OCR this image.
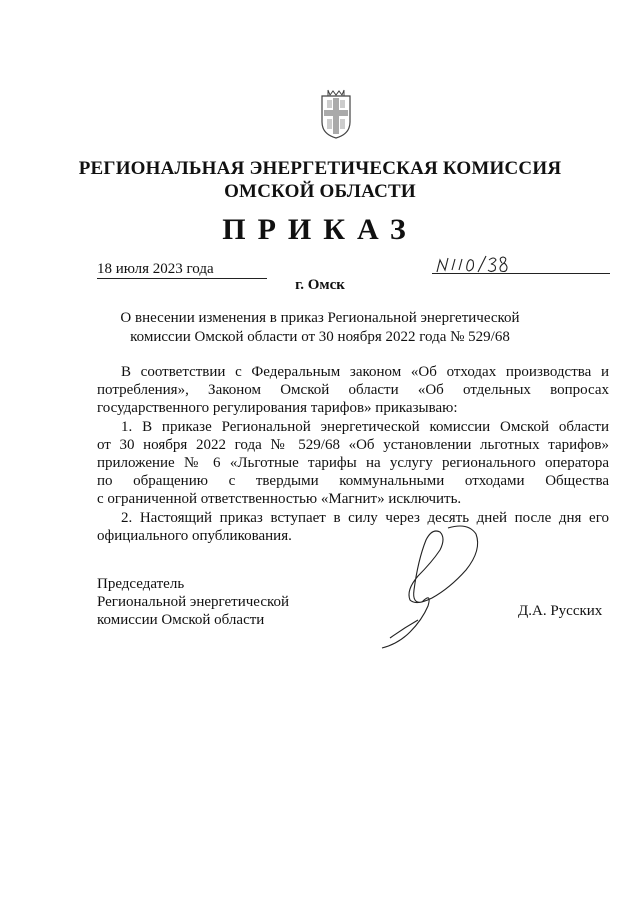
РЕГИОНАЛЬНАЯ ЭНЕРГЕТИЧЕСКАЯ КОМИССИЯ
ОМСКОЙ ОБЛАСТИ
ПРИКАЗ
18 июля 2023 года
г. Омск
О внесении изменения в приказ Региональной энергетической
комиссии Омской области от 30 ноября 2022 года № 529/68
В соответствии с Федеральным законом «Об отходах производства и
потребления», Законом Омской области «Об отдельных вопросах
государственного регулирования тарифов» приказываю:
1. В приказе Региональной энергетической комиссии Омской области
от 30 ноября 2022 года № 529/68 «Об установлении льготных тарифов»
приложение № 6 «Льготные тарифы на услугу регионального оператора
по обращению с твердыми коммунальными отходами Общества
с ограниченной ответственностью «Магнит» исключить.
2. Настоящий приказ вступает в силу через десять дней после дня его
официального опубликования.
Председатель
Региональной энергетической
комиссии Омской области
Д.А. Русских
